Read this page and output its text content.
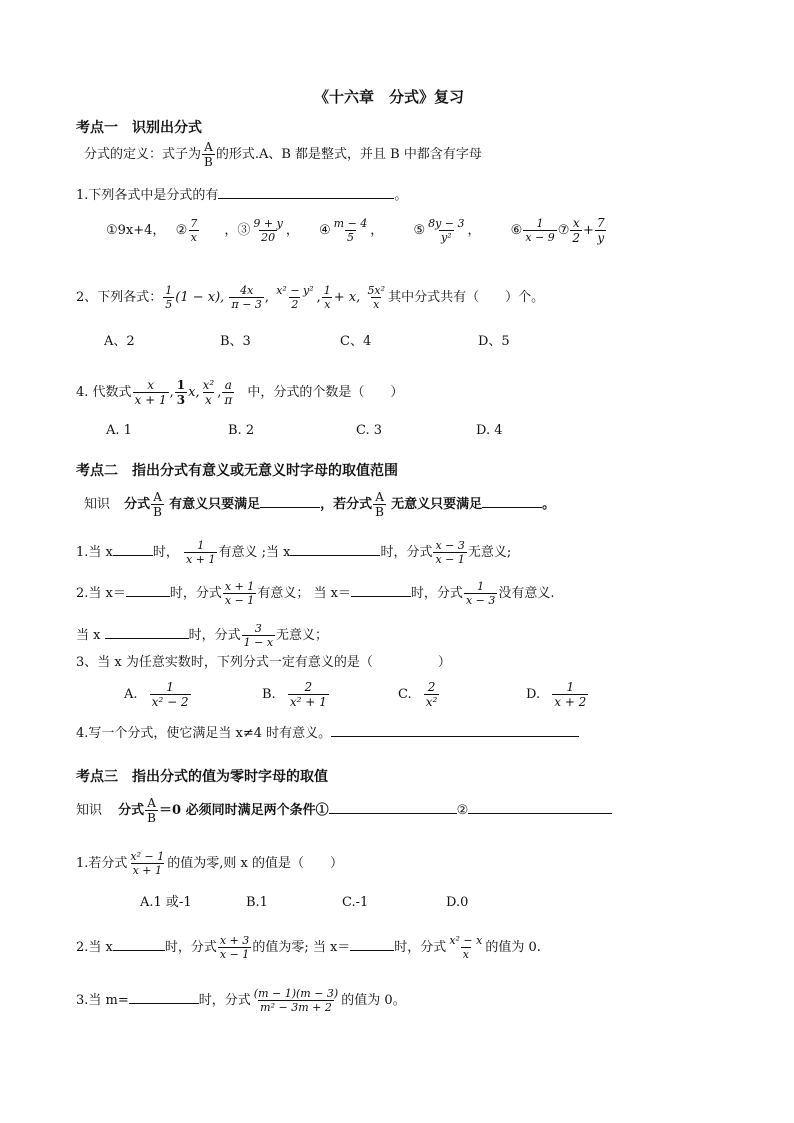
《十六章　分式》复习
考点一　识别出分式
分式的定义：式子为 $\frac{A}{B}$ 的形式.A、B 都是整式，并且 B 中都含有字母
1.下列各式中是分式的有	。
①9x+4， ② $\frac{7}{x}$ ，③ $\frac{9 + y}{20}$ ， ④ $\frac{m - 4}{5}$ ， ⑤ $\frac{8y - 3}{\text{y²}}$ ， ⑥ $\frac{1}{x - 9}$ ⑦ $\frac{x}{2} + \frac{7}{y}$
2、下列各式： $\frac{1}{5} (1 - x)$, $\frac{4x}{\pi - 3}$ , $\frac{\text{x² − y²}}{2}$ , $\frac{1}{x} + x$, $\frac{\text{5x²}}{x}$ 其中分式共有（　　）个。
A、2	B、3	C、4	D、5
4. 代数式 $\frac{x}{x + 1}$ , $\frac{1}{3} x$, $\frac{\text{x²}}{x}$ , $\frac{a}{\pi}$ 中，分式的个数是（　　）
A. 1	B. 2	C. 3	D. 4
考点二　指出分式有意义或无意义时字母的取值范围
知识 分式 $\frac{A}{B}$ 有意义只要满足	，若分式 $\frac{A}{B}$ 无意义只要满足	。
1.当 x	时， $\frac{1}{x + 1}$ 有意义 ;当 x	时，分式 $\frac{x - 3}{x - 1}$ 无意义;
2.当 x＝	时，分式 $\frac{x + 1}{x - 1}$ 有意义； 当 x＝	时，分式 $\frac{1}{x - 3}$ 没有意义.
当 x	时，分式 $\frac{3}{1 - x}$ 无意义；
3、当 x 为任意实数时，下列分式一定有意义的是（　　　　　）
A. $\frac{1}{\text{x² − 2}}$	B. $\frac{2}{\text{x² + 1}}$	C. $\frac{2}{\text{x²}}$	D. $\frac{1}{x + 2}$
4.写一个分式，使它满足当 x≠4 时有意义。
考点三　指出分式的值为零时字母的取值
知识 分式 $\frac{A}{B} =0$ 必须同时满足两个条件①	②
1.若分式 $\frac{\text{x² − 1}}{x + 1}$ 的值为零,则 x 的值是（　　）
A.1 或-1	B.1	C.-1	D.0
2.当 x	时，分式 $\frac{x + 3}{x - 1}$ 的值为零; 当 x＝	时，分式 $\frac{\text{x² − x}}{x}$ 的值为 0.
3.当 m=	时，分式 $\frac{(m - 1)(m - 3)}{\text{m² − 3m + 2}}$ 的值为 0。
